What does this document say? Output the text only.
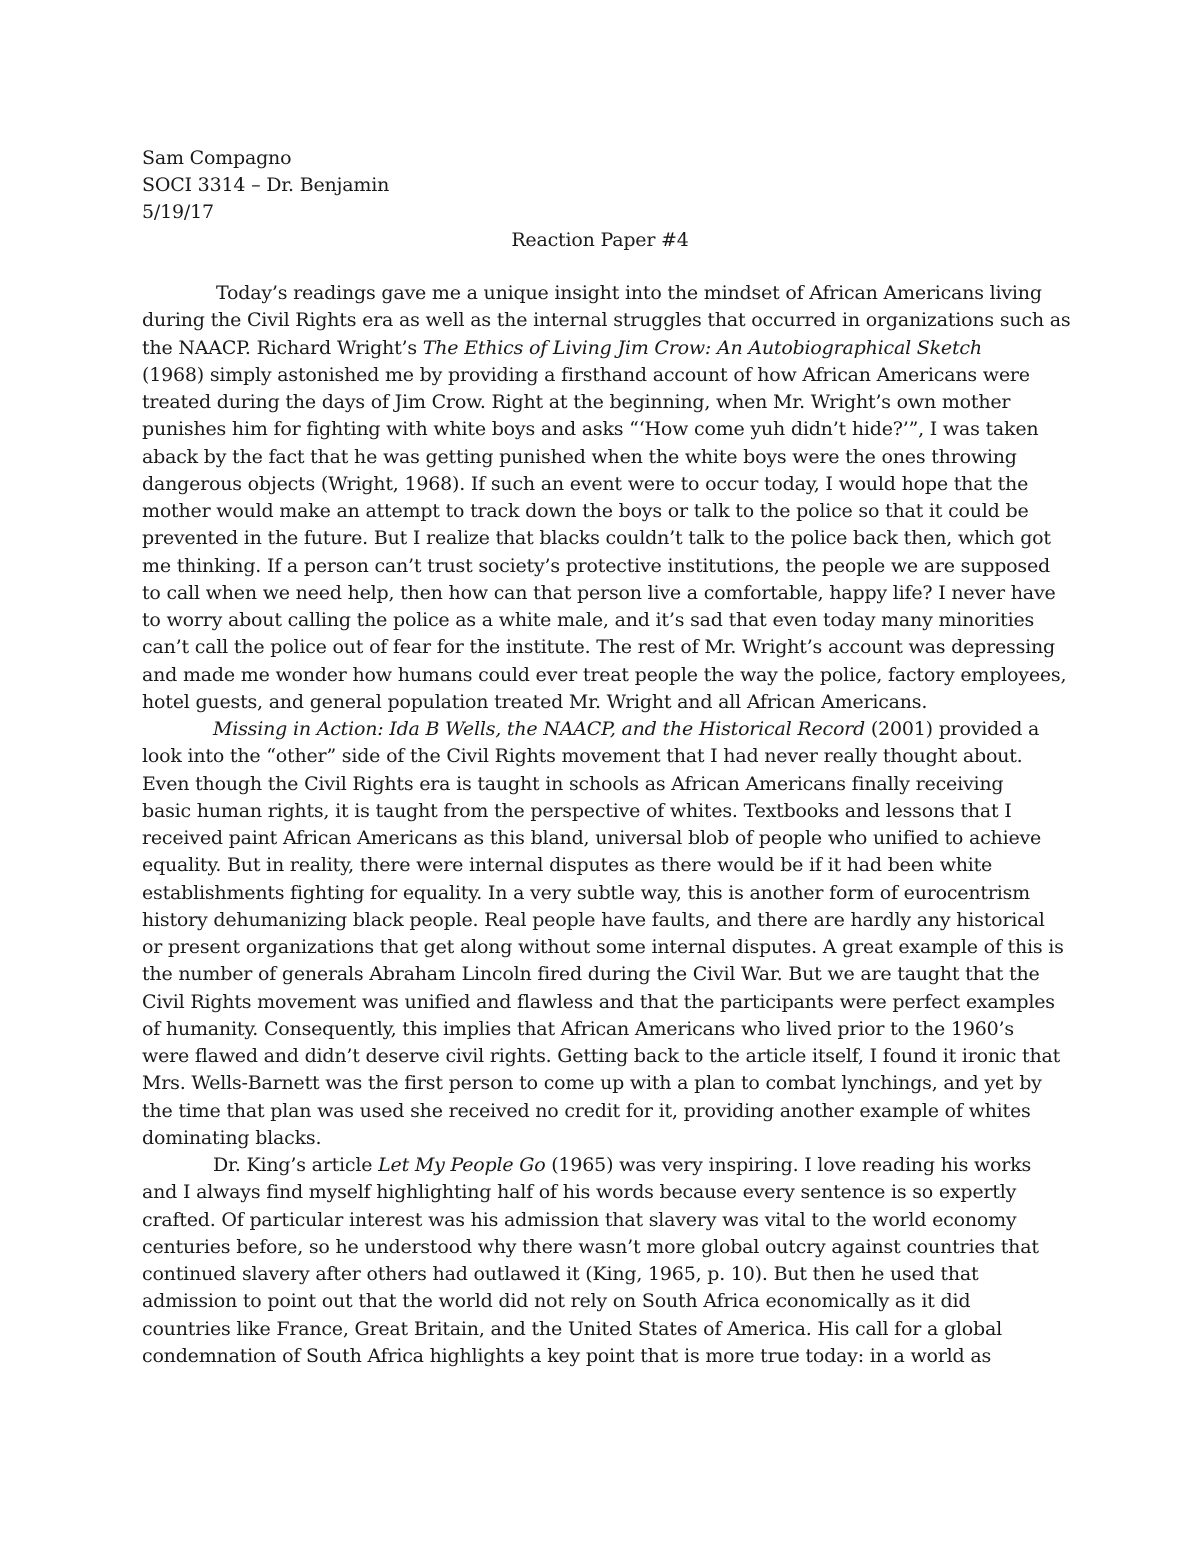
Sam Compagno
SOCI 3314 – Dr. Benjamin
5/19/17
Reaction Paper #4
Today’s readings gave me a unique insight into the mindset of African Americans living
during the Civil Rights era as well as the internal struggles that occurred in organizations such as
the NAACP. Richard Wright’s The Ethics of Living Jim Crow: An Autobiographical Sketch
(1968) simply astonished me by providing a firsthand account of how African Americans were
treated during the days of Jim Crow. Right at the beginning, when Mr. Wright’s own mother
punishes him for fighting with white boys and asks “‘How come yuh didn’t hide?’”, I was taken
aback by the fact that he was getting punished when the white boys were the ones throwing
dangerous objects (Wright, 1968). If such an event were to occur today, I would hope that the
mother would make an attempt to track down the boys or talk to the police so that it could be
prevented in the future. But I realize that blacks couldn’t talk to the police back then, which got
me thinking. If a person can’t trust society’s protective institutions, the people we are supposed
to call when we need help, then how can that person live a comfortable, happy life? I never have
to worry about calling the police as a white male, and it’s sad that even today many minorities
can’t call the police out of fear for the institute. The rest of Mr. Wright’s account was depressing
and made me wonder how humans could ever treat people the way the police, factory employees,
hotel guests, and general population treated Mr. Wright and all African Americans.
Missing in Action: Ida B Wells, the NAACP, and the Historical Record (2001) provided a
look into the “other” side of the Civil Rights movement that I had never really thought about.
Even though the Civil Rights era is taught in schools as African Americans finally receiving
basic human rights, it is taught from the perspective of whites. Textbooks and lessons that I
received paint African Americans as this bland, universal blob of people who unified to achieve
equality. But in reality, there were internal disputes as there would be if it had been white
establishments fighting for equality. In a very subtle way, this is another form of eurocentrism
history dehumanizing black people. Real people have faults, and there are hardly any historical
or present organizations that get along without some internal disputes. A great example of this is
the number of generals Abraham Lincoln fired during the Civil War. But we are taught that the
Civil Rights movement was unified and flawless and that the participants were perfect examples
of humanity. Consequently, this implies that African Americans who lived prior to the 1960’s
were flawed and didn’t deserve civil rights. Getting back to the article itself, I found it ironic that
Mrs. Wells-Barnett was the first person to come up with a plan to combat lynchings, and yet by
the time that plan was used she received no credit for it, providing another example of whites
dominating blacks.
Dr. King’s article Let My People Go (1965) was very inspiring. I love reading his works
and I always find myself highlighting half of his words because every sentence is so expertly
crafted. Of particular interest was his admission that slavery was vital to the world economy
centuries before, so he understood why there wasn’t more global outcry against countries that
continued slavery after others had outlawed it (King, 1965, p. 10). But then he used that
admission to point out that the world did not rely on South Africa economically as it did
countries like France, Great Britain, and the United States of America. His call for a global
condemnation of South Africa highlights a key point that is more true today: in a world as
